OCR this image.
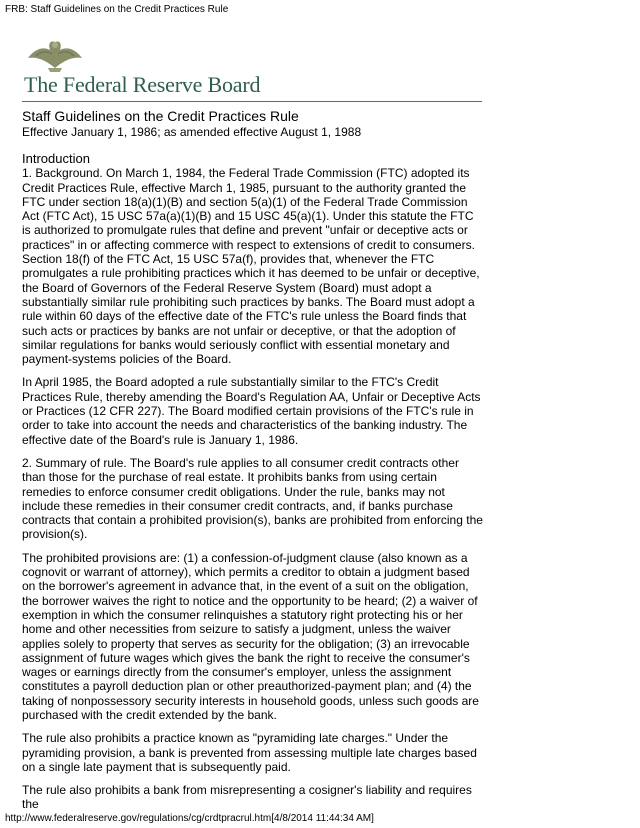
FRB: Staff Guidelines on the Credit Practices Rule
The Federal Reserve Board
Staff Guidelines on the Credit Practices Rule
Effective January 1, 1986; as amended effective August 1, 1988
Introduction

1. Background. On March 1, 1984, the Federal Trade Commission (FTC) adopted its Credit Practices Rule, effective March 1, 1985, pursuant to the authority granted the FTC under section 18(a)(1)(B) and section 5(a)(1) of the Federal Trade Commission Act (FTC Act), 15 USC 57a(a)(1)(B) and 15 USC 45(a)(1). Under this statute the FTC is authorized to promulgate rules that define and prevent "unfair or deceptive acts or practices" in or affecting commerce with respect to extensions of credit to consumers. Section 18(f) of the FTC Act, 15 USC 57a(f), provides that, whenever the FTC promulgates a rule prohibiting practices which it has deemed to be unfair or deceptive, the Board of Governors of the Federal Reserve System (Board) must adopt a substantially similar rule prohibiting such practices by banks. The Board must adopt a rule within 60 days of the effective date of the FTC's rule unless the Board finds that such acts or practices by banks are not unfair or deceptive, or that the adoption of similar regulations for banks would seriously conflict with essential monetary and payment-systems policies of the Board.

In April 1985, the Board adopted a rule substantially similar to the FTC's Credit Practices Rule, thereby amending the Board's Regulation AA, Unfair or Deceptive Acts or Practices (12 CFR 227). The Board modified certain provisions of the FTC's rule in order to take into account the needs and characteristics of the banking industry. The effective date of the Board's rule is January 1, 1986.

2. Summary of rule. The Board's rule applies to all consumer credit contracts other than those for the purchase of real estate. It prohibits banks from using certain remedies to enforce consumer credit obligations. Under the rule, banks may not include these remedies in their consumer credit contracts, and, if banks purchase contracts that contain a prohibited provision(s), banks are prohibited from enforcing the provision(s).

The prohibited provisions are: (1) a confession-of-judgment clause (also known as a cognovit or warrant of attorney), which permits a creditor to obtain a judgment based on the borrower's agreement in advance that, in the event of a suit on the obligation, the borrower waives the right to notice and the opportunity to be heard; (2) a waiver of exemption in which the consumer relinquishes a statutory right protecting his or her home and other necessities from seizure to satisfy a judgment, unless the waiver applies solely to property that serves as security for the obligation; (3) an irrevocable assignment of future wages which gives the bank the right to receive the consumer's wages or earnings directly from the consumer's employer, unless the assignment constitutes a payroll deduction plan or other preauthorized-payment plan; and (4) the taking of nonpossessory security interests in household goods, unless such goods are purchased with the credit extended by the bank.

The rule also prohibits a practice known as "pyramiding late charges." Under the pyramiding provision, a bank is prevented from assessing multiple late charges based on a single late payment that is subsequently paid.

The rule also prohibits a bank from misrepresenting a cosigner's liability and requires the

http://www.federalreserve.gov/regulations/cg/crdtpracrul.htm[4/8/2014 11:44:34 AM]
